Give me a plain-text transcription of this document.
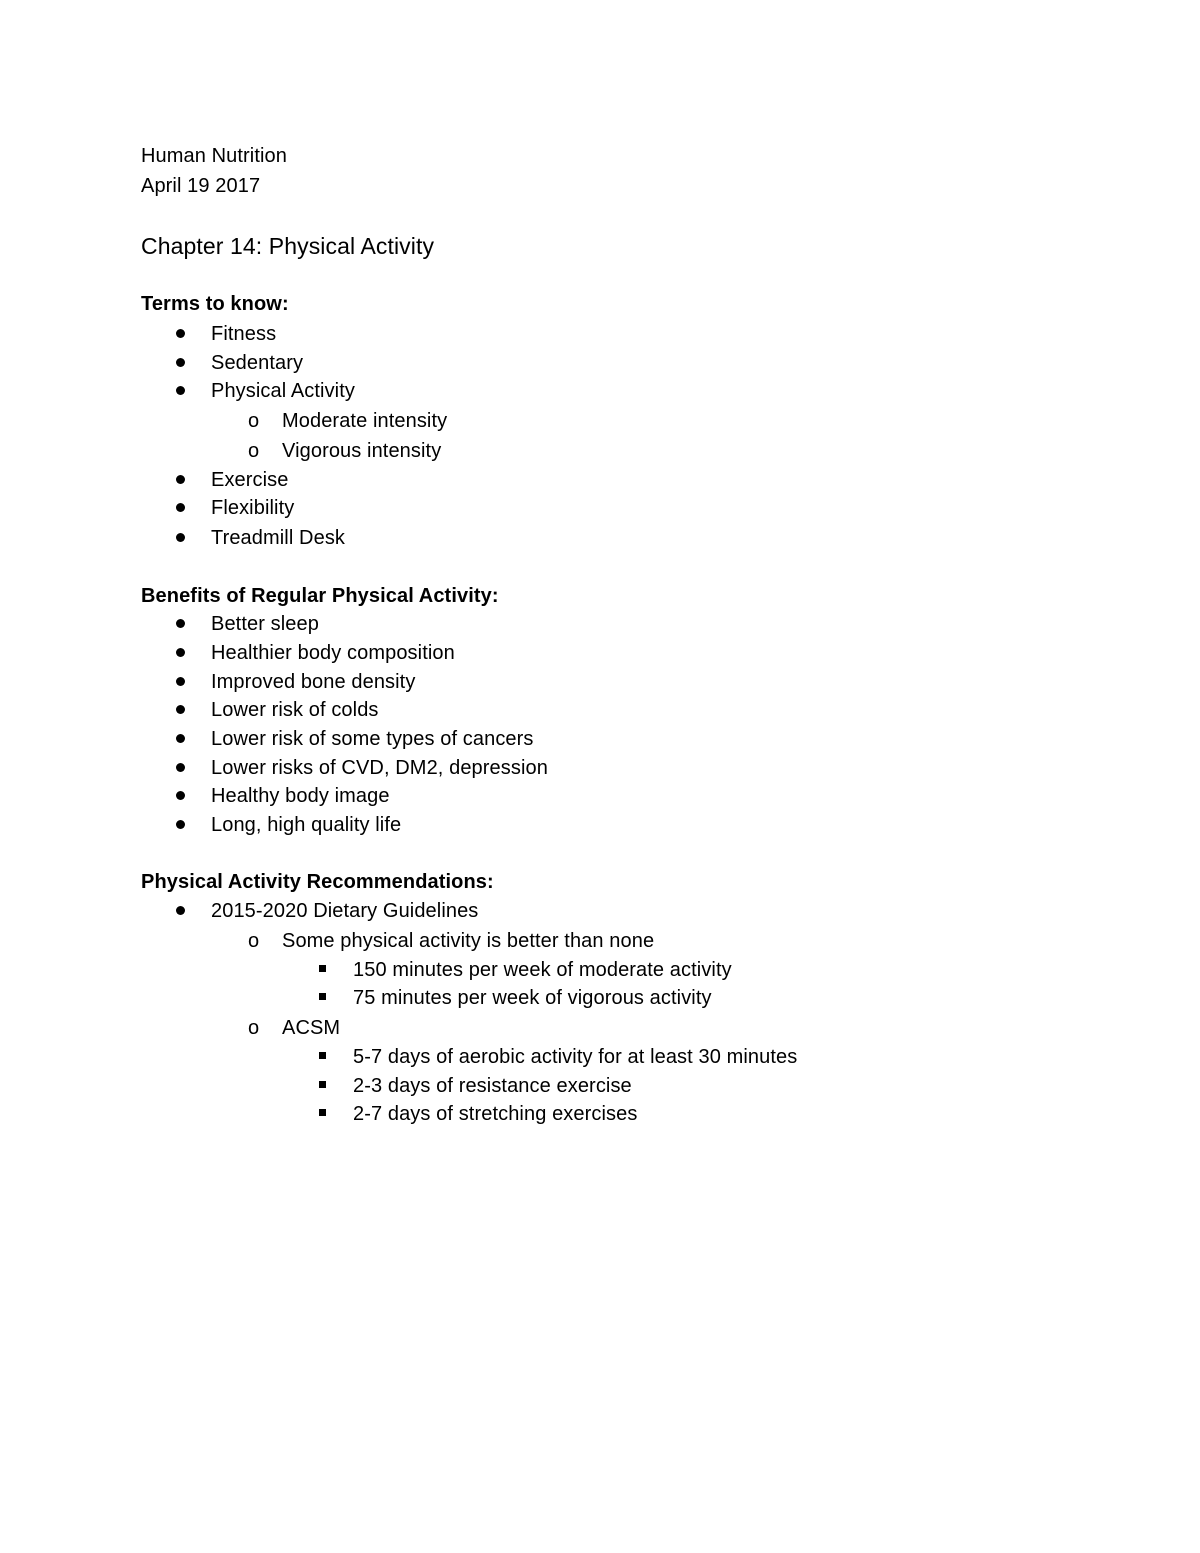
Human Nutrition
April 19 2017
Chapter 14: Physical Activity
Terms to know:
Fitness
Sedentary
Physical Activity
o Moderate intensity
o Vigorous intensity
Exercise
Flexibility
Treadmill Desk
Benefits of Regular Physical Activity:
Better sleep
Healthier body composition
Improved bone density
Lower risk of colds
Lower risk of some types of cancers
Lower risks of CVD, DM2, depression
Healthy body image
Long, high quality life
Physical Activity Recommendations:
2015-2020 Dietary Guidelines
o Some physical activity is better than none
150 minutes per week of moderate activity
75 minutes per week of vigorous activity
o ACSM
5-7 days of aerobic activity for at least 30 minutes
2-3 days of resistance exercise
2-7 days of stretching exercises
